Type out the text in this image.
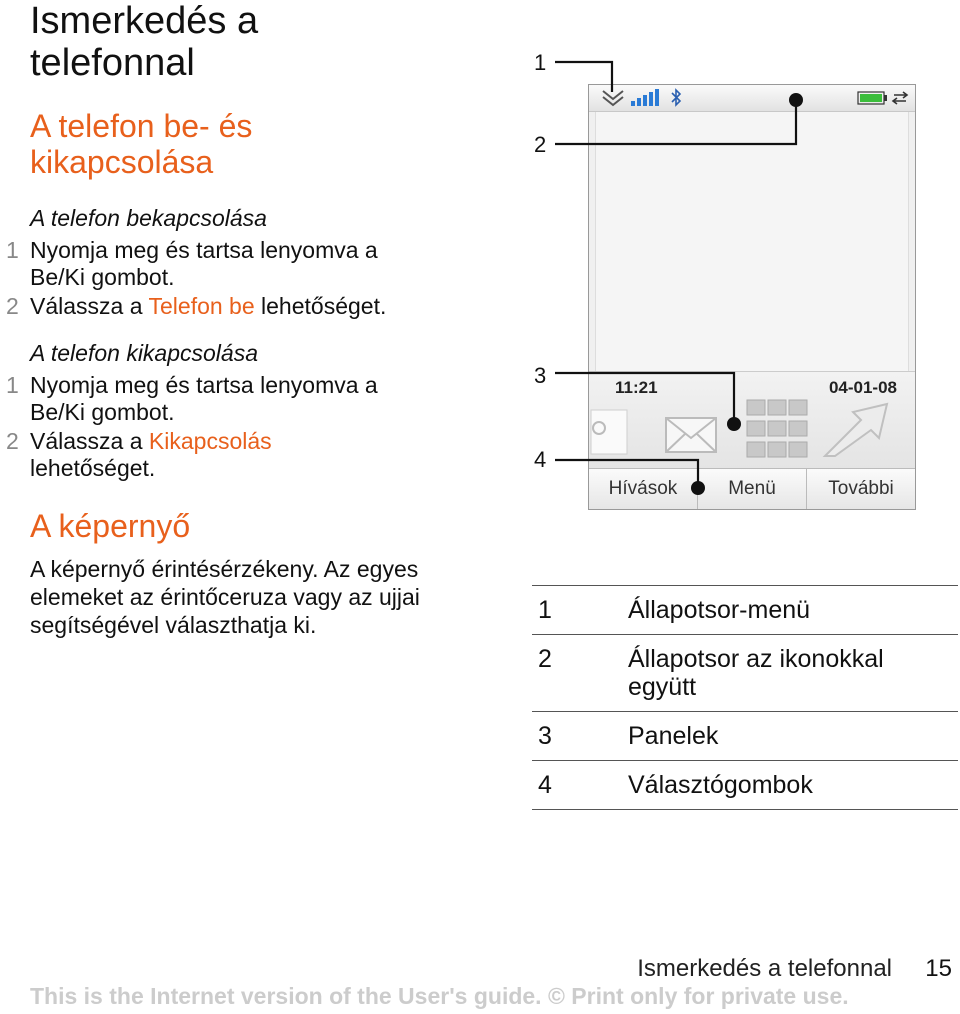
Ismerkedés a telefonnal
A telefon be- és kikapcsolása
A telefon bekapcsolása
1 Nyomja meg és tartsa lenyomva a
Be/Ki gombot.
2 Válassza a Telefon be lehetőséget.
A telefon kikapcsolása
1 Nyomja meg és tartsa lenyomva a
Be/Ki gombot.
2 Válassza a Kikapcsolás
lehetőséget.
A képernyő
A képernyő érintésérzékeny. Az egyes elemeket az érintőceruza vagy az ujjai segítségével választhatja ki.
1
2
3
4
11:21	04-01-08
Hívások	Menü	További
1	Állapotsor-menü
2	Állapotsor az ikonokkal együtt
3	Panelek
4	Választógombok
Ismerkedés a telefonnal 15
This is the Internet version of the User's guide. © Print only for private use.
